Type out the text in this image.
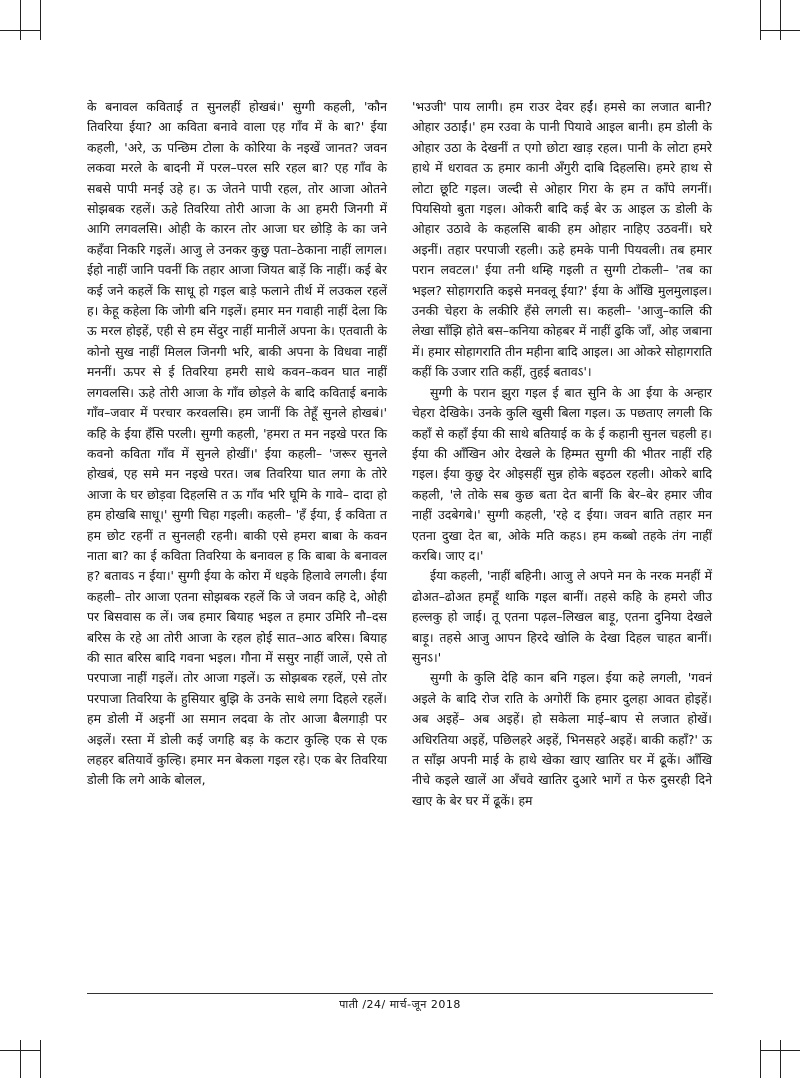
के बनावल कविताई त सुनलहीं होखबं।' सुग्गी कहली, 'कौन तिवरिया ईया? आ कविता बनावे वाला एह गाँव में के बा?' ईया कहली, 'अरे, ऊ पन्छिम टोला के कोरिया के नइखें जानत? जवन लकवा मरले के बादनी में परल–परल सरि रहल बा? एह गाँव के सबसे पापी मनई उहे ह। ऊ जेतने पापी रहल, तोर आजा ओतने सोझबक रहलें। ऊहे तिवरिया तोरी आजा के आ हमरी जिनगी में आगि लगवलसि। ओही के कारन तोर आजा घर छोड़ि के का जने कहँवा निकरि गइलें। आजु ले उनकर कुछु पता–ठेकाना नाहीं लागल। ईहो नाहीं जानि पवनीं कि तहार आजा जियत बाड़ें कि नाहीं। कई बेर कई जने कहलें कि साधू हो गइल बाड़े फलाने तीर्थ में लउकल रहलें ह। केहू कहेला कि जोगी बनि गइलें। हमार मन गवाही नाहीं देला कि ऊ मरल होइहें, एही से हम सेंदुर नाहीं मानीलें अपना के। एतवाती के कोनो सुख नाहीं मिलल जिनगी भरि, बाकी अपना के विधवा नाहीं मननीं। ऊपर से ई तिवरिया हमरी साथे कवन–कवन घात नाहीं लगवलसि। ऊहे तोरी आजा के गाँव छोड़ले के बादि कविताई बनाके गाँव–जवार में परचार करवलसि। हम जानीं कि तेहूँ सुनले होखबं।' कहि के ईया हँसि परली। सुग्गी कहली, 'हमरा त मन नइखे परत कि कवनो कविता गाँव में सुनले होखीं।' ईया कहली– 'जरूर सुनले होखबं, एह समे मन नइखे परत। जब तिवरिया घात लगा के तोरे आजा के घर छोड़वा दिहलसि त ऊ गाँव भरि घूमि के गावे– दादा हो हम होखबि साधू।' सुग्गी चिहा गइली। कहली– 'हँ ईया, ई कविता त हम छोट रहनीं त सुनलही रहनी। बाकी एसे हमरा बाबा के कवन नाता बा? का ई कविता तिवरिया के बनावल ह कि बाबा के बनावल ह? बतावऽ न ईया।' सुग्गी ईया के कोरा में धइके हिलावे लगली। ईया कहली– तोर आजा एतना सोझबक रहलें कि जे जवन कहि दे, ओही पर बिसवास क लें। जब हमार बियाह भइल त हमार उमिरि नौ–दस बरिस के रहे आ तोरी आजा के रहल होई सात–आठ बरिस। बियाह की सात बरिस बादि गवना भइल। गौना में ससुर नाहीं जालें, एसे तो परपाजा नाहीं गइलें। तोर आजा गइलें। ऊ सोझबक रहलें, एसे तोर परपाजा तिवरिया के हुसियार बुझि के उनके साथे लगा दिहले रहलें। हम डोली में अइनीं आ समान लदवा के तोर आजा बैलगाड़ी पर अइलें। रस्ता में डोली कई जगहि बड़ के कटार कुल्हि एक से एक लहहर बतियावें कुल्हि। हमार मन बेकला गइल रहे। एक बेर तिवरिया डोली कि लगे आके बोलल,

'भउजी' पाय लागी। हम राउर देवर हईं। हमसे का लजात बानी? ओहार उठाईं।' हम रउवा के पानी पियावे आइल बानी। हम डोली के ओहार उठा के देखनीं त एगो छोटा खाड़ रहल। पानी के लोटा हमरे हाथे में धरावत ऊ हमार कानी अँगुरी दाबि दिहलसि। हमरे हाथ से लोटा छूटि गइल। जल्दी से ओहार गिरा के हम त काँपे लगनीं। पियसियो बुता गइल। ओकरी बादि कई बेर ऊ आइल ऊ डोली के ओहार उठावे के कहलसि बाकी हम ओहार नाहिए उठवनीं। घरे अइनीं। तहार परपाजी रहली। ऊहे हमके पानी पियवली। तब हमार परान लवटल।' ईया तनी थम्हि गइली त सुग्गी टोकली– 'तब का भइल? सोहागराति कइसे मनवलू ईया?' ईया के आँखि मुलमुलाइल। उनकी चेहरा के लकीरि हँसे लगली स। कहली– 'आजु–कालि की लेखा साँझि होते बस–कनिया कोहबर में नाहीं ढुकि जाँ, ओह जबाना में। हमार सोहागराति तीन महीना बादि आइल। आ ओकरे सोहागराति कहीं कि उजार राति कहीं, तुहई बतावऽ'।

सुग्गी के परान झुरा गइल ई बात सुनि के आ ईया के अन्हार चेहरा देखिके। उनके कुलि खुसी बिला गइल। ऊ पछताए लगली कि कहाँ से कहाँ ईया की साथे बतियाई क के ई कहानी सुनल चहली ह। ईया की आँखिन ओर देखले के हिम्मत सुग्गी की भीतर नाहीं रहि गइल। ईया कुछु देर ओइसहीं सुन्न होके बइठल रहली। ओकरे बादि कहली, 'ले तोके सब कुछ बता देत बानीं कि बेर–बेर हमार जीव नाहीं उदबेगबे।' सुग्गी कहली, 'रहे द ईया। जवन बाति तहार मन एतना दुखा देत बा, ओके मति कहऽ। हम कब्बो तहके तंग नाहीं करबि। जाए द।'

ईया कहली, 'नाहीं बहिनी। आजु ले अपने मन के नरक मनहीं में ढोअत–ढोअत हमहूँ थाकि गइल बानीं। तहसे कहि के हमरो जीउ हल्लकु हो जाई। तू एतना पढ़ल–लिखल बाड़ू, एतना दुनिया देखले बाड़ू। तहसे आजु आपन हिरदे खोलि के देखा दिहल चाहत बानीं। सुनऽ।'

सुग्गी के कुलि देहि कान बनि गइल। ईया कहे लगली, 'गवनं अइले के बादि रोज राति के अगोरीं कि हमार दुलहा आवत होइहें। अब अइहें– अब अइहें। हो सकेला माई–बाप से लजात होखें। अधिरतिया अइहें, पछिलहरे अइहें, भिनसहरे अइहें। बाकी कहाँ?' ऊ त साँझ अपनी माई के हाथे खेका खाए खातिर घर में ढूकें। आँखि नीचे कइले खालें आ अँचवे खातिर दुआरे भागें त फेरु दुसरही दिने खाए के बेर घर में ढूकें। हम

पाती /24/ मार्च-जून 2018
